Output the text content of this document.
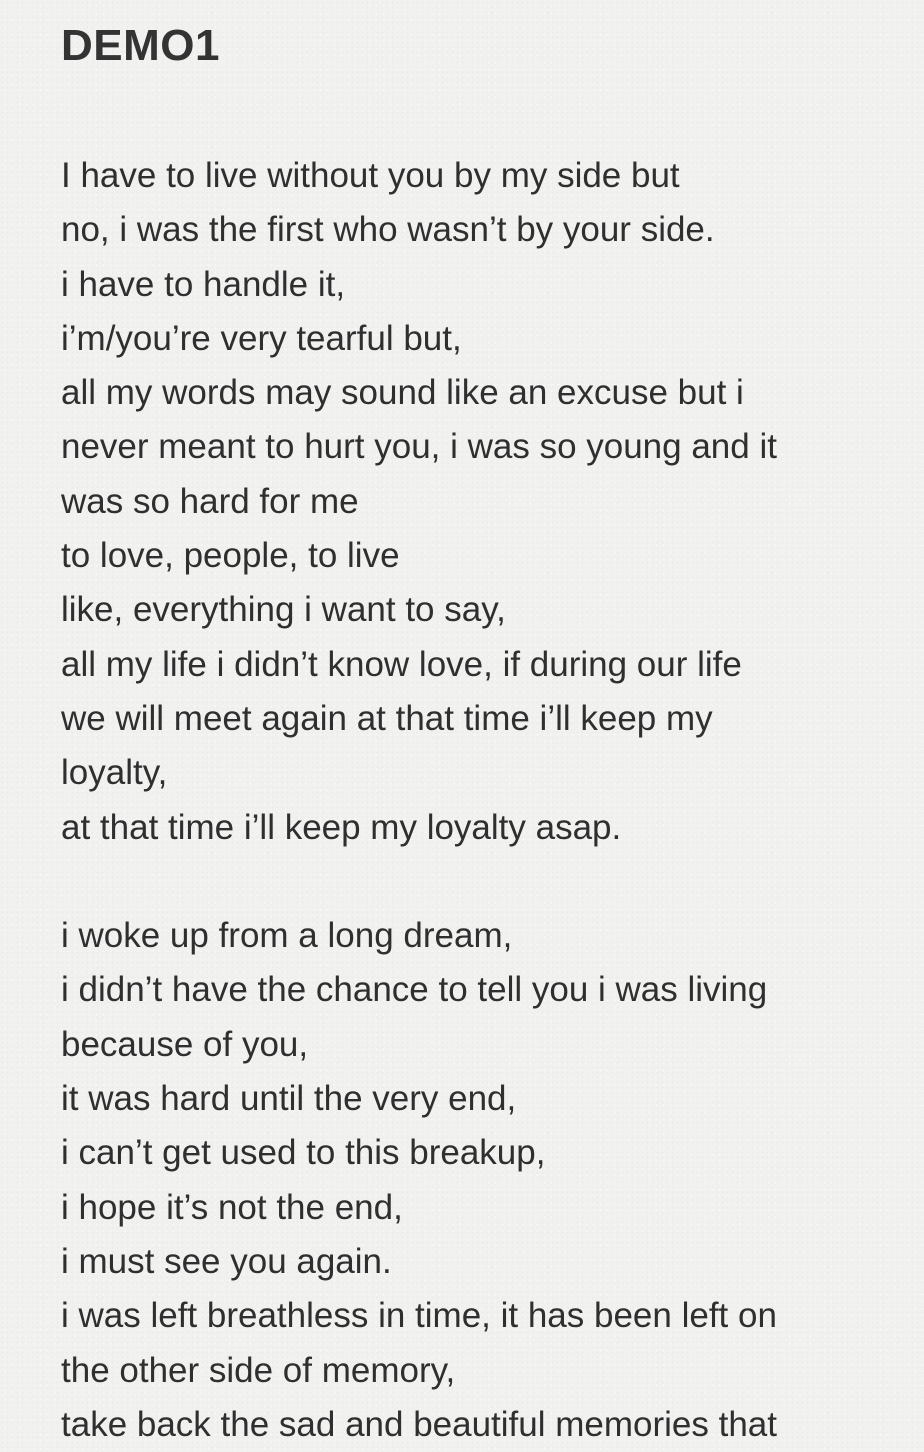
DEMO1
I have to live without you by my side but
no, i was the first who wasn’t by your side.
i have to handle it,
i’m/you’re very tearful but,
all my words may sound like an excuse but i
never meant to hurt you, i was so young and it
was so hard for me
to love, people, to live
like, everything i want to say,
all my life i didn’t know love, if during our life
we will meet again at that time i’ll keep my
loyalty,
at that time i’ll keep my loyalty asap.
i woke up from a long dream,
i didn’t have the chance to tell you i was living
because of you,
it was hard until the very end,
i can’t get used to this breakup,
i hope it’s not the end,
i must see you again.
i was left breathless in time, it has been left on
the other side of memory,
take back the sad and beautiful memories that
